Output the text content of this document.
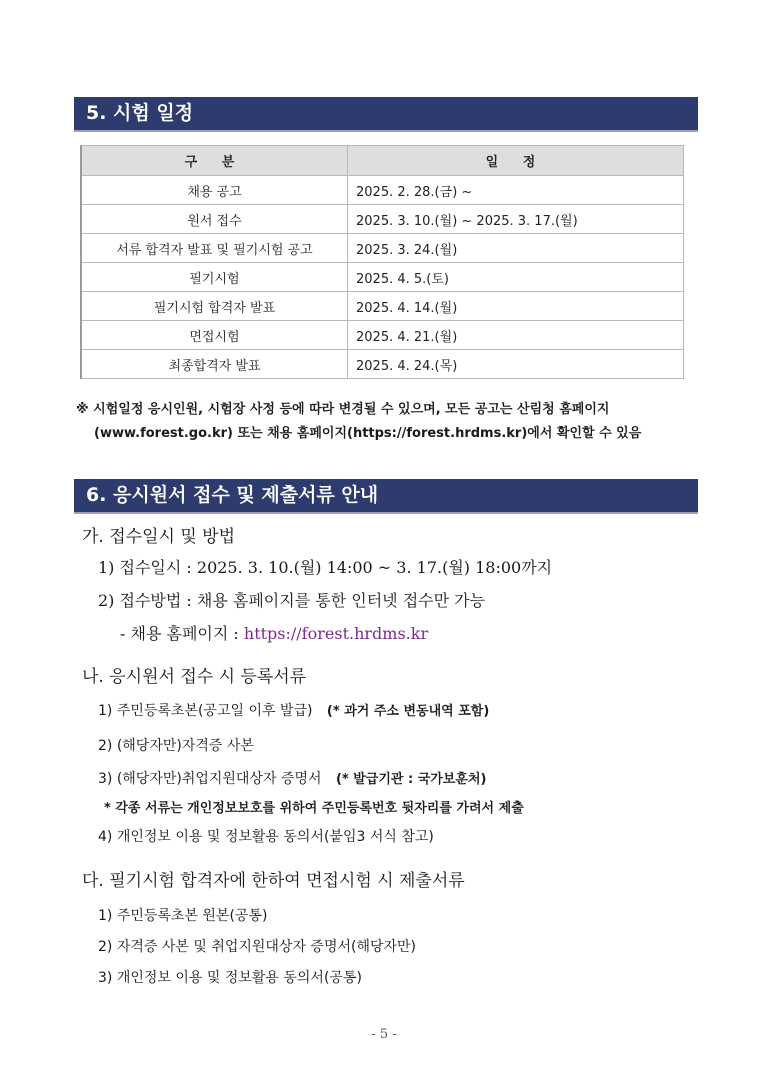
5. 시험 일정
구 분	일 정
채용 공고	2025. 2. 28.(금) ~
원서 접수	2025. 3. 10.(월) ~ 2025. 3. 17.(월)
서류 합격자 발표 및 필기시험 공고	2025. 3. 24.(월)
필기시험	2025. 4. 5.(토)
필기시험 합격자 발표	2025. 4. 14.(월)
면접시험	2025. 4. 21.(월)
최종합격자 발표	2025. 4. 24.(목)
※ 시험일정 응시인원, 시험장 사정 등에 따라 변경될 수 있으며, 모든 공고는 산림청 홈페이지
(www.forest.go.kr) 또는 채용 홈페이지(https://forest.hrdms.kr)에서 확인할 수 있음
6. 응시원서 접수 및 제출서류 안내
가. 접수일시 및 방법
1) 접수일시 : 2025. 3. 10.(월) 14:00 ~ 3. 17.(월) 18:00까지
2) 접수방법 : 채용 홈페이지를 통한 인터넷 접수만 가능
- 채용 홈페이지 : https://forest.hrdms.kr
나. 응시원서 접수 시 등록서류
1) 주민등록초본(공고일 이후 발급) (* 과거 주소 변동내역 포함)
2) (해당자만)자격증 사본
3) (해당자만)취업지원대상자 증명서 (* 발급기관 : 국가보훈처)
* 각종 서류는 개인정보보호를 위하여 주민등록번호 뒷자리를 가려서 제출
4) 개인정보 이용 및 정보활용 동의서(붙임3 서식 참고)
다. 필기시험 합격자에 한하여 면접시험 시 제출서류
1) 주민등록초본 원본(공통)
2) 자격증 사본 및 취업지원대상자 증명서(해당자만)
3) 개인정보 이용 및 정보활용 동의서(공통)
- 5 -
